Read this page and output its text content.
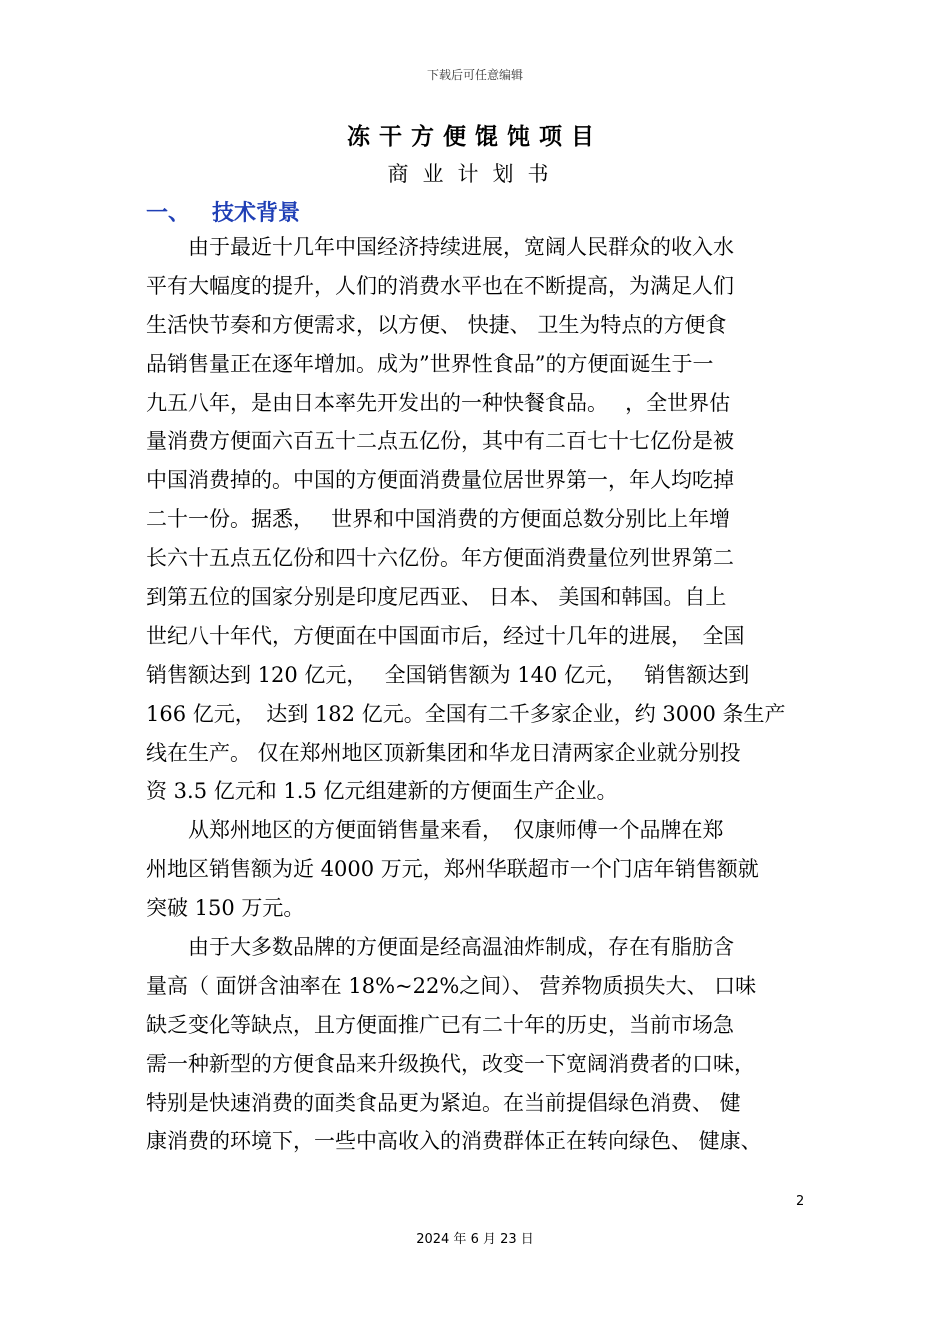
下载后可任意编辑
冻干方便馄饨项目
商业计划书
一、 技术背景
　　由于最近十几年中国经济持续进展，宽阔人民群众的收入水
平有大幅度的提升，人们的消费水平也在不断提高，为满足人们
生活快节奏和方便需求，以方便、 快捷、 卫生为特点的方便食
品销售量正在逐年增加。成为”世界性食品”的方便面诞生于一
九五八年，是由日本率先开发出的一种快餐食品。　 ，全世界估
量消费方便面六百五十二点五亿份，其中有二百七十七亿份是被
中国消费掉的。中国的方便面消费量位居世界第一，年人均吃掉
二十一份。据悉，　 世界和中国消费的方便面总数分别比上年增
长六十五点五亿份和四十六亿份。年方便面消费量位列世界第二
到第五位的国家分别是印度尼西亚、 日本、 美国和韩国。自上
世纪八十年代，方便面在中国面市后，经过十几年的进展，　全国
销售额达到 120 亿元，　 全国销售额为 140 亿元，　 销售额达到
166 亿元，　达到 182 亿元。全国有二千多家企业，约 3000 条生产
线在生产。 仅在郑州地区顶新集团和华龙日清两家企业就分别投
资 3.5 亿元和 1.5 亿元组建新的方便面生产企业。
　　从郑州地区的方便面销售量来看，　仅康师傅一个品牌在郑
州地区销售额为近 4000 万元，郑州华联超市一个门店年销售额就
突破 150 万元。
　　由于大多数品牌的方便面是经高温油炸制成，存在有脂肪含
量高（ 面饼含油率在 18%~22%之间）、 营养物质损失大、 口味
缺乏变化等缺点，且方便面推广已有二十年的历史，当前市场急
需一种新型的方便食品来升级换代，改变一下宽阔消费者的口味，
特别是快速消费的面类食品更为紧迫。在当前提倡绿色消费、 健
康消费的环境下，一些中高收入的消费群体正在转向绿色、 健康、
2
2024 年 6 月 23 日
